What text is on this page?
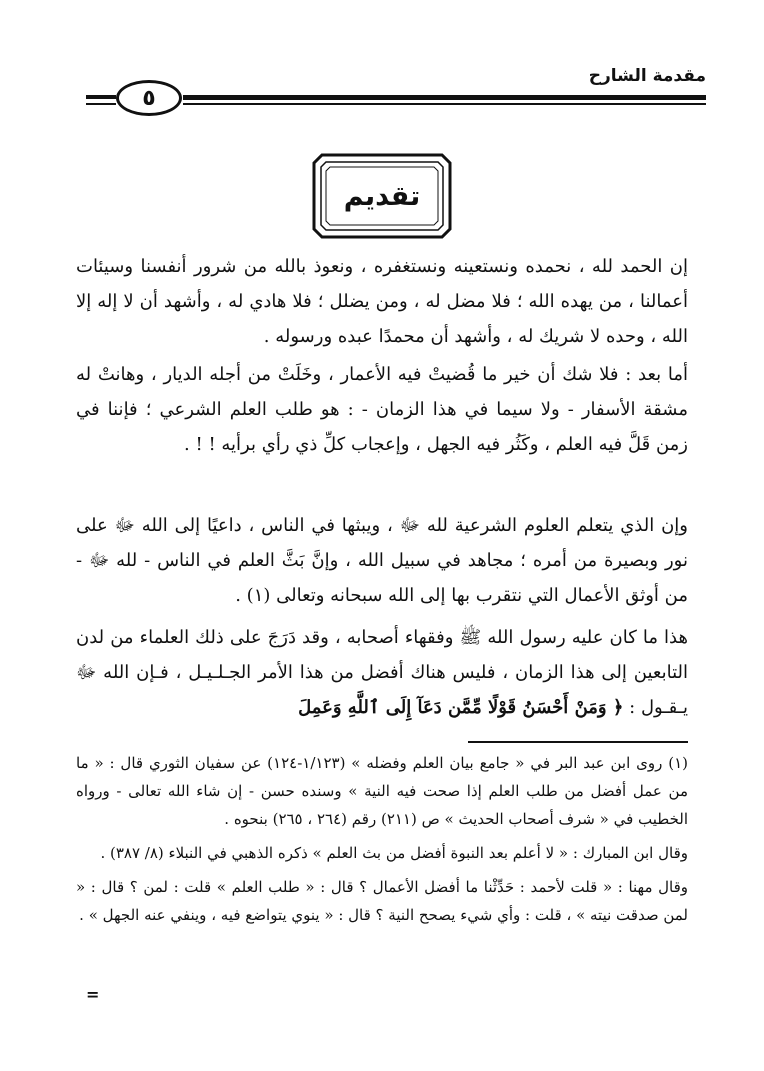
مقدمة الشارح
٥
تقديم

إن الحمد لله ، نحمده ونستعينه ونستغفره ، ونعوذ بالله من شرور أنفسنا وسيئات أعمالنا ، من يهده الله ؛ فلا مضل له ، ومن يضلل ؛ فلا هادي له ، وأشهد أن لا إله إلا الله ، وحده لا شريك له ، وأشهد أن محمدًا عبده ورسوله .

أما بعد : فلا شك أن خير ما قُضيتْ فيه الأعمار ، وخَلَتْ من أجله الديار ، وهانتْ له مشقة الأسفار - ولا سيما في هذا الزمان - : هو طلب العلم الشرعي ؛ فإننا في زمن قَلَّ فيه العلم ، وكَثُر فيه الجهل ، وإعجاب كلِّ ذي رأي برأيه ! ! .

وإن الذي يتعلم العلوم الشرعية لله ﷻ ، ويبثها في الناس ، داعيًا إلى الله ﷻ على نور وبصيرة من أمره ؛ مجاهد في سبيل الله ، وإنَّ بَثَّ العلم في الناس - لله ﷻ - من أوثق الأعمال التي نتقرب بها إلى الله سبحانه وتعالى (١) .

هذا ما كان عليه رسول الله ﷺ وفقهاء أصحابه ، وقد دَرَجَ على ذلك العلماء من لدن التابعين إلى هذا الزمان ، فليس هناك أفضل من هذا الأمر الجـلـيـل ، فـإن الله ﷻ يـقـول : ﴿ وَمَنْ أَحْسَنُ قَوْلًا مِّمَّن دَعَآ إِلَى ٱللَّهِ وَعَمِلَ

(١) روى ابن عبد البر في « جامع بيان العلم وفضله » (١/١٢٣-١٢٤) عن سفيان الثوري قال : « ما من عمل أفضل من طلب العلم إذا صحت فيه النية » وسنده حسن - إن شاء الله تعالى - ورواه الخطيب في « شرف أصحاب الحديث » ص (٢١١) رقم (٢٦٤ ، ٢٦٥) بنحوه .

وقال ابن المبارك : « لا أعلم بعد النبوة أفضل من بث العلم » ذكره الذهبي في النبلاء (٨/ ٣٨٧) .

وقال مهنا : « قلت لأحمد : حَدِّثْنا ما أفضل الأعمال ؟ قال : « طلب العلم » قلت : لمن ؟ قال : « لمن صدقت نيته » ، قلت : وأي شيء يصحح النية ؟ قال : « ينوي يتواضع فيه ، وينفي عنه الجهل » .

=
